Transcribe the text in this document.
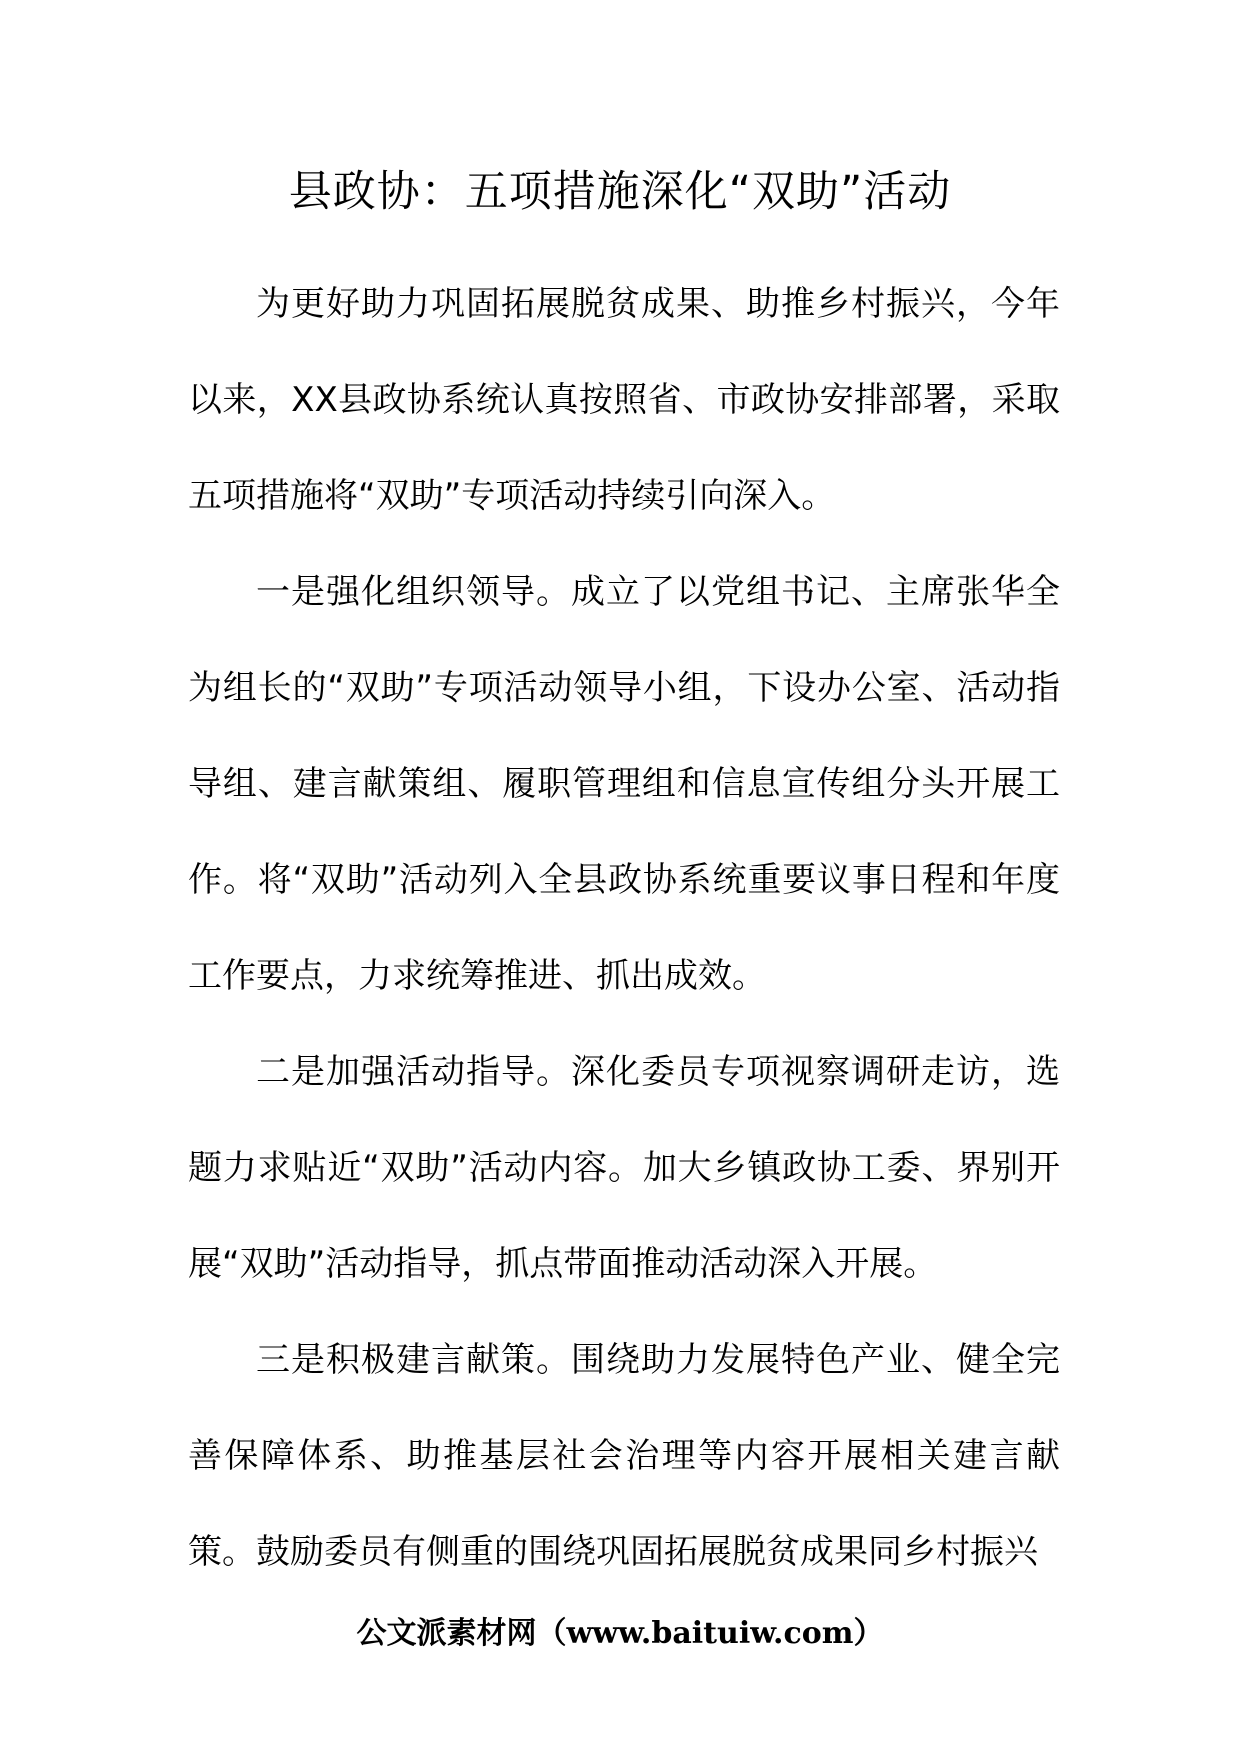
县政协：五项措施深化“双助”活动

为更好助力巩固拓展脱贫成果、助推乡村振兴，今年以来，XX县政协系统认真按照省、市政协安排部署，采取五项措施将“双助”专项活动持续引向深入。

一是强化组织领导。成立了以党组书记、主席张华全为组长的“双助”专项活动领导小组，下设办公室、活动指导组、建言献策组、履职管理组和信息宣传组分头开展工作。将“双助”活动列入全县政协系统重要议事日程和年度工作要点，力求统筹推进、抓出成效。

二是加强活动指导。深化委员专项视察调研走访，选题力求贴近“双助”活动内容。加大乡镇政协工委、界别开展“双助”活动指导，抓点带面推动活动深入开展。

三是积极建言献策。围绕助力发展特色产业、健全完善保障体系、助推基层社会治理等内容开展相关建言献策。鼓励委员有侧重的围绕巩固拓展脱贫成果同乡村振兴

公文派素材网（www.baituiw.com）
